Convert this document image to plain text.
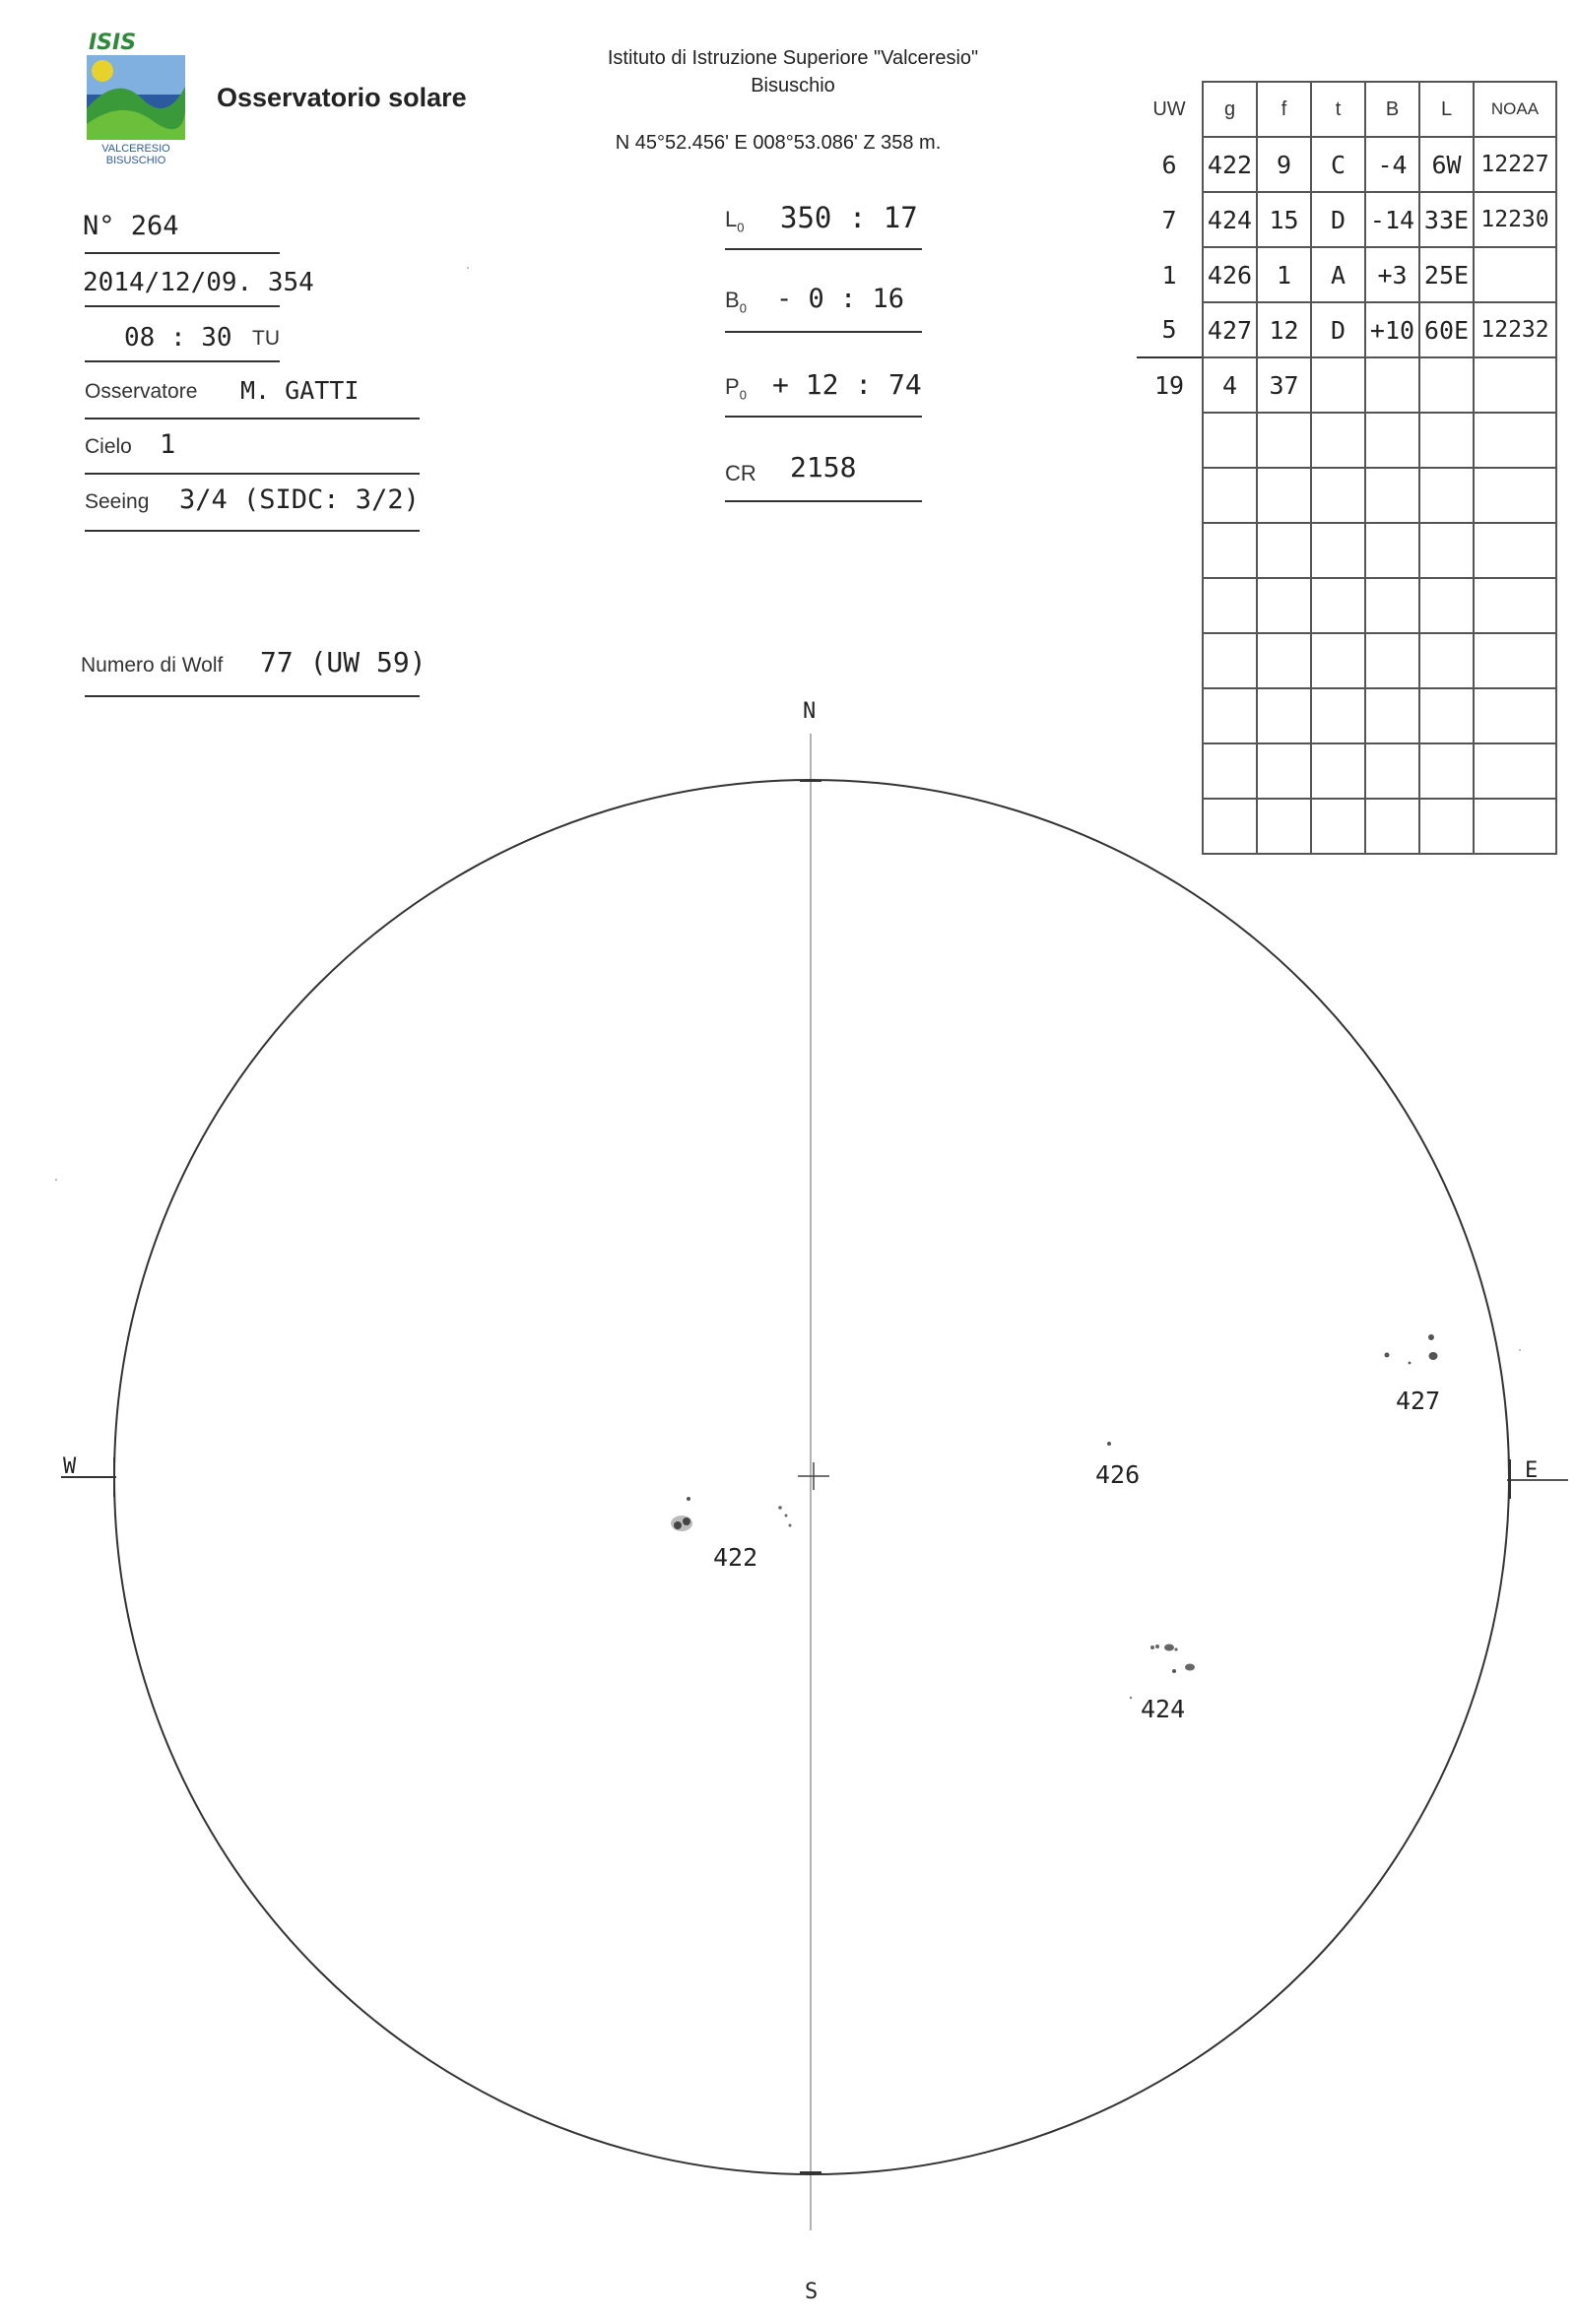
ISIS
VALCERESIO
BISUSCHIO
Osservatorio solare
Istituto di Istruzione Superiore "Valceresio"
Bisuschio
N 45°52.456' E 008°53.086' Z 358 m.
N° 264
2014/12/09. 354
08 : 30 TU
Osservatore M. GATTI
Cielo 1
Seeing 3/4 (SIDC: 3/2)
Numero di Wolf 77 (UW 59)
$L_0$ 350 : 17
$B_0 - 0$ : 16
$P_0 + 12$ : 74
CR 2158
UW	g	f	t	B	L	NOAA
6	422	9	C	-4	6W	12227
7	424	15	D	-14	33E	12230
1	426	1	A	+3	25E	
5	427	12	D	+10	60E	12232
19	4	37				

N
S
W	E
422
424
426
427
